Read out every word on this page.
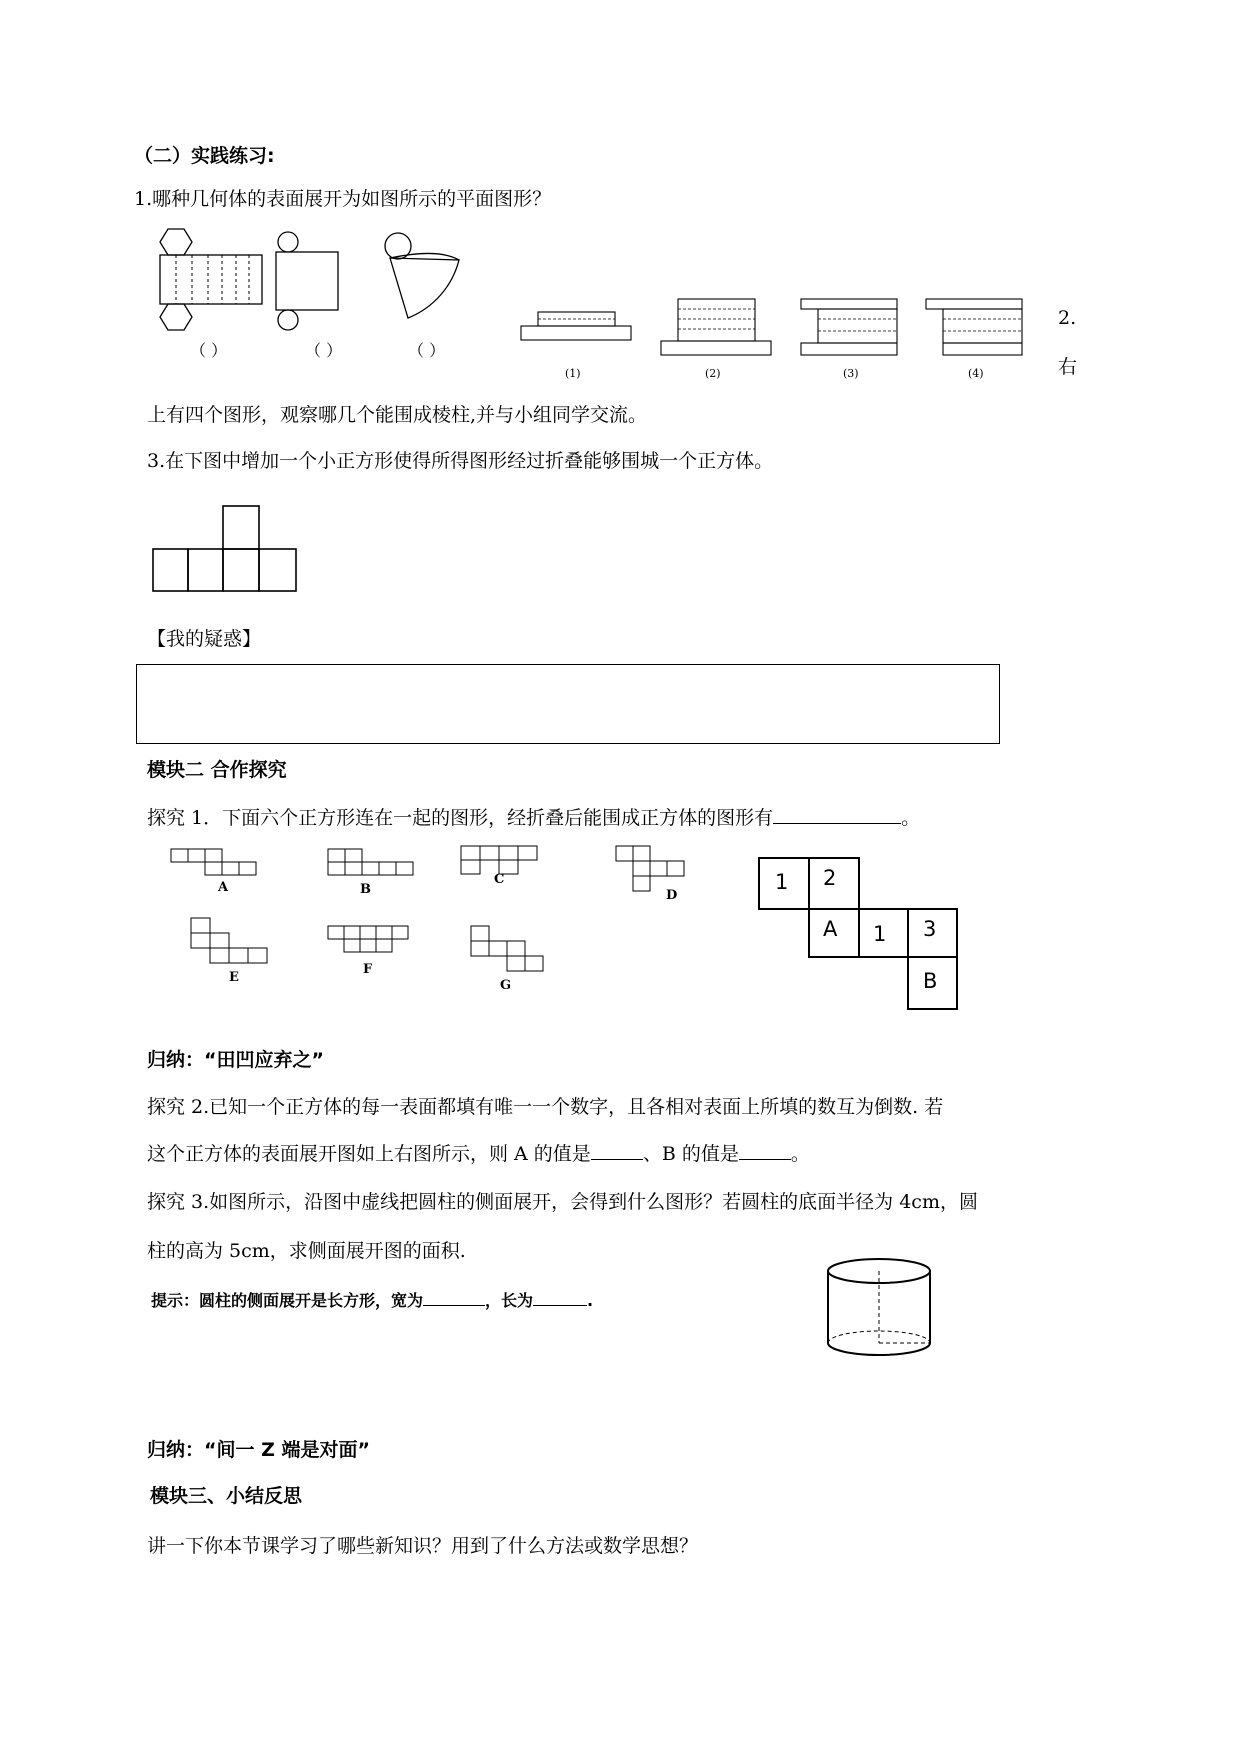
（二）实践练习:
1.哪种几何体的表面展开为如图所示的平面图形？
（ ）	（ ）	（ ）
(1)	(2)	(3)	(4)
2.
右
上有四个图形，观察哪几个能围成棱柱,并与小组同学交流。
3.在下图中增加一个小正方形使得所得图形经过折叠能够围城一个正方体。
【我的疑惑】
模块二 合作探究
探究 1．下面六个正方形连在一起的图形，经折叠后能围成正方体的图形有	。
A	B
C
D
E
F
G
1 2
A 1 3
B
归纳：“田凹应弃之”
探究 2.已知一个正方体的每一表面都填有唯一一个数字，且各相对表面上所填的数互为倒数. 若
这个正方体的表面展开图如上右图所示，则 A 的值是	、B 的值是	。
探究 3.如图所示，沿图中虚线把圆柱的侧面展开，会得到什么图形？若圆柱的底面半径为 4cm，圆
柱的高为 5cm，求侧面展开图的面积.
提示：圆柱的侧面展开是长方形，宽为	，长为	.
归纳：“间一 Z 端是对面”
模块三、小结反思
讲一下你本节课学习了哪些新知识？用到了什么方法或数学思想？
